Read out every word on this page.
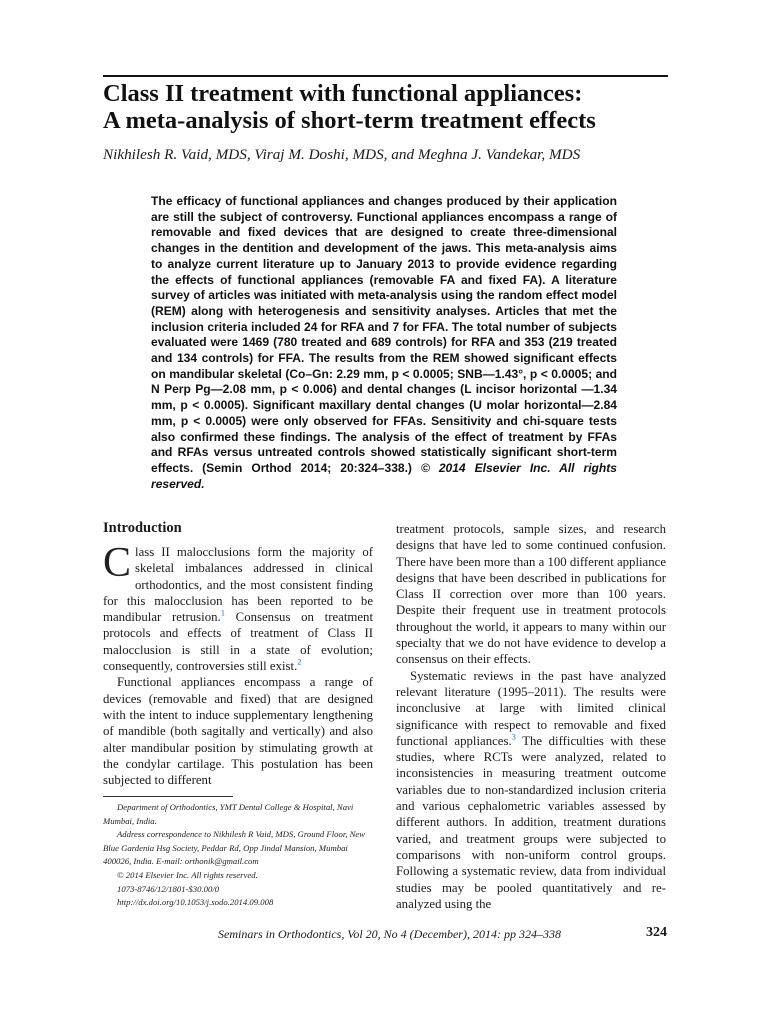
Class II treatment with functional appliances:
A meta-analysis of short-term treatment effects
Nikhilesh R. Vaid, MDS, Viraj M. Doshi, MDS, and Meghna J. Vandekar, MDS
The efficacy of functional appliances and changes produced by their application are still the subject of controversy. Functional appliances encompass a range of removable and fixed devices that are designed to create three-dimensional changes in the dentition and development of the jaws. This meta-analysis aims to analyze current literature up to January 2013 to provide evidence regarding the effects of functional appliances (removable FA and fixed FA). A literature survey of articles was initiated with meta-analysis using the random effect model (REM) along with heterogenesis and sensitivity analyses. Articles that met the inclusion criteria included 24 for RFA and 7 for FFA. The total number of subjects evaluated were 1469 (780 treated and 689 controls) for RFA and 353 (219 treated and 134 controls) for FFA. The results from the REM showed significant effects on mandibular skeletal (Co–Gn: 2.29 mm, p < 0.0005; SNB—1.43°, p < 0.0005; and N Perp Pg—2.08 mm, p < 0.006) and dental changes (L incisor horizontal —1.34 mm, p < 0.0005). Significant maxillary dental changes (U molar horizontal—2.84 mm, p < 0.0005) were only observed for FFAs. Sensitivity and chi-square tests also confirmed these findings. The analysis of the effect of treatment by FFAs and RFAs versus untreated controls showed statistically significant short-term effects. (Semin Orthod 2014; 20:324–338.) © 2014 Elsevier Inc. All rights reserved.
Introduction

Class II malocclusions form the majority of skeletal imbalances addressed in clinical orthodontics, and the most consistent finding for this malocclusion has been reported to be mandibular retrusion.$^1$ Consensus on treatment protocols and effects of treatment of Class II malocclusion is still in a state of evolution; consequently, controversies still exist.$^2$

Functional appliances encompass a range of devices (removable and fixed) that are designed with the intent to induce supplementary lengthening of mandible (both sagitally and vertically) and also alter mandibular position by stimulating growth at the condylar cartilage. This postulation has been subjected to different

treatment protocols, sample sizes, and research designs that have led to some continued confusion. There have been more than a 100 different appliance designs that have been described in publications for Class II correction over more than 100 years. Despite their frequent use in treatment protocols throughout the world, it appears to many within our specialty that we do not have evidence to develop a consensus on their effects.

Systematic reviews in the past have analyzed relevant literature (1995–2011). The results were inconclusive at large with limited clinical significance with respect to removable and fixed functional appliances.$^3$ The difficulties with these studies, where RCTs were analyzed, related to inconsistencies in measuring treatment outcome variables due to non-standardized inclusion criteria and various cephalometric variables assessed by different authors. In addition, treatment durations varied, and treatment groups were subjected to comparisons with non-uniform control groups. Following a systematic review, data from individual studies may be pooled quantitatively and re-analyzed using the

Department of Orthodontics, YMT Dental College & Hospital, Navi Mumbai, India.
Address correspondence to Nikhilesh R Vaid, MDS, Ground Floor, New Blue Gardenia Hsg Society, Peddar Rd, Opp Jindal Mansion, Mumbai 400026, India. E-mail: orthonik@gmail.com
© 2014 Elsevier Inc. All rights reserved.
1073-8746/12/1801-$30.00/0
http://dx.doi.org/10.1053/j.sodo.2014.09.008
Seminars in Orthodontics, Vol 20, No 4 (December), 2014: pp 324–338	324
